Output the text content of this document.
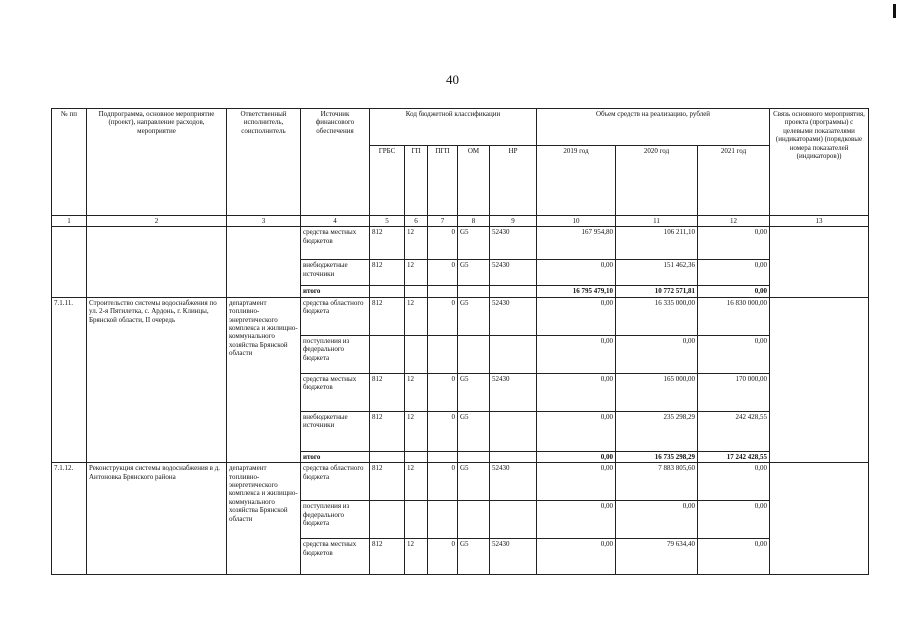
40
№ пп	Подпрограмма, основное мероприятие (проект), направление расходов, мероприятие	Ответственный исполнитель, соисполнитель	Источник финансового обеспечения	Код бюджетной классификации					Объем средств на реализацию, рублей			Связь основного мероприятия, проекта (программы) с целевыми показателями (индикаторами) (порядковые номера показателей (индикаторов))
				ГРБС	ГП	ПГП	ОМ	НР	2019 год	2020 год	2021 год	
1	2	3	4	5	6	7	8	9	10	11	12	13
			средства местных бюджетов	812	12	0	G5	52430	167 954,80	106 211,10	0,00	
			внебюджетные источники	812	12	0	G5	52430	0,00	151 462,36	0,00	
			итого						16 795 479,10	10 772 571,81	0,00	
7.1.11.	Строительство системы водоснабжения по ул. 2-я Пятилетка, с. Ардонь, г. Клинцы, Брянской области, II очередь	департамент топливно-энергетического комплекса и жилищно-коммунального хозяйства Брянской области	средства областного бюджета	812	12	0	G5	52430	0,00	16 335 000,00	16 830 000,00	
			поступления из федерального бюджета						0,00	0,00	0,00	
			средства местных бюджетов	812	12	0	G5	52430	0,00	165 000,00	170 000,00	
			внебюджетные источники	812	12	0	G5		0,00	235 298,29	242 428,55	
			итого						0,00	16 735 298,29	17 242 428,55	
7.1.12.	Реконструкция системы водоснабжения в д. Антоновка Брянского района	департамент топливно-энергетического комплекса и жилищно-коммунального хозяйства Брянской области	средства областного бюджета	812	12	0	G5	52430	0,00	7 883 805,60	0,00	
			поступления из федерального бюджета						0,00	0,00	0,00	
			средства местных бюджетов	812	12	0	G5	52430	0,00	79 634,40	0,00	
